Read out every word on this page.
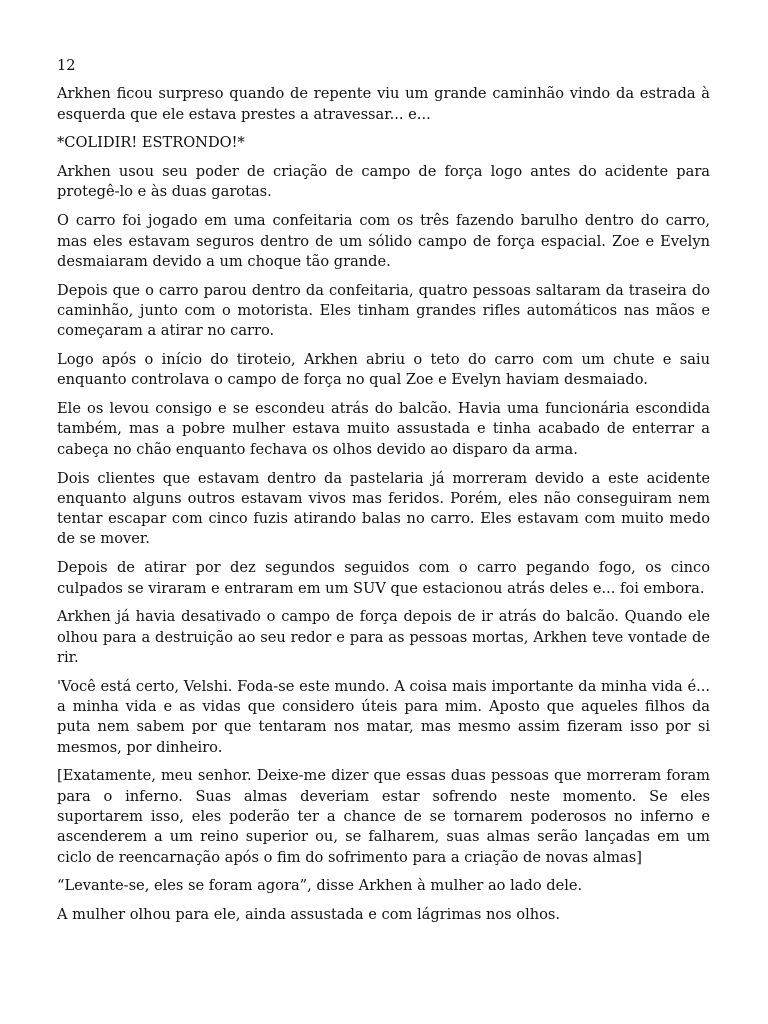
12

Arkhen ficou surpreso quando de repente viu um grande caminhão vindo da estrada à esquerda que ele estava prestes a atravessar... e...

*COLIDIR! ESTRONDO!*

Arkhen usou seu poder de criação de campo de força logo antes do acidente para protegê-lo e às duas garotas.

O carro foi jogado em uma confeitaria com os três fazendo barulho dentro do carro, mas eles estavam seguros dentro de um sólido campo de força espacial. Zoe e Evelyn desmaiaram devido a um choque tão grande.

Depois que o carro parou dentro da confeitaria, quatro pessoas saltaram da traseira do caminhão, junto com o motorista. Eles tinham grandes rifles automáticos nas mãos e começaram a atirar no carro.

Logo após o início do tiroteio, Arkhen abriu o teto do carro com um chute e saiu enquanto controlava o campo de força no qual Zoe e Evelyn haviam desmaiado.

Ele os levou consigo e se escondeu atrás do balcão. Havia uma funcionária escondida também, mas a pobre mulher estava muito assustada e tinha acabado de enterrar a cabeça no chão enquanto fechava os olhos devido ao disparo da arma.

Dois clientes que estavam dentro da pastelaria já morreram devido a este acidente enquanto alguns outros estavam vivos mas feridos. Porém, eles não conseguiram nem tentar escapar com cinco fuzis atirando balas no carro. Eles estavam com muito medo de se mover.

Depois de atirar por dez segundos seguidos com o carro pegando fogo, os cinco culpados se viraram e entraram em um SUV que estacionou atrás deles e... foi embora.

Arkhen já havia desativado o campo de força depois de ir atrás do balcão. Quando ele olhou para a destruição ao seu redor e para as pessoas mortas, Arkhen teve vontade de rir.

'Você está certo, Velshi. Foda-se este mundo. A coisa mais importante da minha vida é... a minha vida e as vidas que considero úteis para mim. Aposto que aqueles filhos da puta nem sabem por que tentaram nos matar, mas mesmo assim fizeram isso por si mesmos, por dinheiro.

[Exatamente, meu senhor. Deixe-me dizer que essas duas pessoas que morreram foram para o inferno. Suas almas deveriam estar sofrendo neste momento. Se eles suportarem isso, eles poderão ter a chance de se tornarem poderosos no inferno e ascenderem a um reino superior ou, se falharem, suas almas serão lançadas em um ciclo de reencarnação após o fim do sofrimento para a criação de novas almas]

“Levante-se, eles se foram agora”, disse Arkhen à mulher ao lado dele.

A mulher olhou para ele, ainda assustada e com lágrimas nos olhos.
